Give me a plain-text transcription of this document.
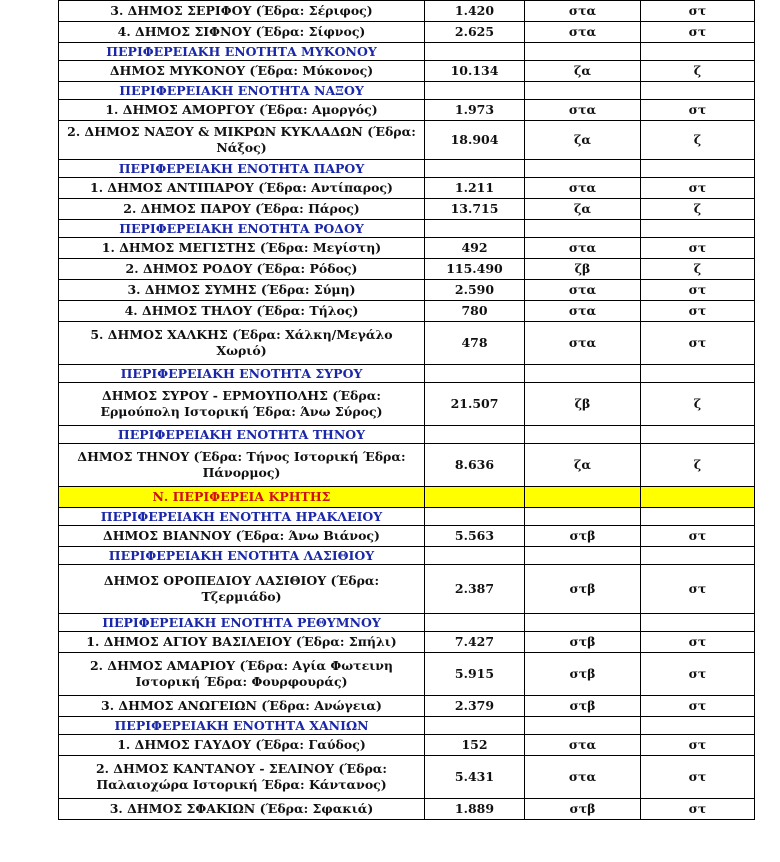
3. ΔΗΜΟΣ ΣΕΡΙΦΟΥ (Έδρα: Σέριφος)	1.420	στα	στ
4. ΔΗΜΟΣ ΣΙΦΝΟΥ (Έδρα: Σίφνος)	2.625	στα	στ
ΠΕΡΙΦΕΡΕΙΑΚΗ ΕΝΟΤΗΤΑ ΜΥΚΟΝΟΥ			
ΔΗΜΟΣ ΜΥΚΟΝΟΥ (Έδρα: Μύκονος)	10.134	ζα	ζ
ΠΕΡΙΦΕΡΕΙΑΚΗ ΕΝΟΤΗΤΑ ΝΑΞΟΥ			
1. ΔΗΜΟΣ ΑΜΟΡΓΟΥ (Έδρα: Αμοργός)	1.973	στα	στ
2. ΔΗΜΟΣ ΝΑΞΟΥ & ΜΙΚΡΩΝ ΚΥΚΛΑΔΩΝ (Έδρα: Νάξος)	18.904	ζα	ζ
ΠΕΡΙΦΕΡΕΙΑΚΗ ΕΝΟΤΗΤΑ ΠΑΡΟΥ			
1. ΔΗΜΟΣ ΑΝΤΙΠΑΡΟΥ (Έδρα: Αντίπαρος)	1.211	στα	στ
2. ΔΗΜΟΣ ΠΑΡΟΥ (Έδρα: Πάρος)	13.715	ζα	ζ
ΠΕΡΙΦΕΡΕΙΑΚΗ ΕΝΟΤΗΤΑ ΡΟΔΟΥ			
1. ΔΗΜΟΣ ΜΕΓΙΣΤΗΣ (Έδρα: Μεγίστη)	492	στα	στ
2. ΔΗΜΟΣ ΡΟΔΟΥ (Έδρα: Ρόδος)	115.490	ζβ	ζ
3. ΔΗΜΟΣ ΣΥΜΗΣ (Έδρα: Σύμη)	2.590	στα	στ
4. ΔΗΜΟΣ ΤΗΛΟΥ (Έδρα: Τήλος)	780	στα	στ
5. ΔΗΜΟΣ ΧΑΛΚΗΣ (Έδρα: Χάλκη/Μεγάλο Χωριό)	478	στα	στ
ΠΕΡΙΦΕΡΕΙΑΚΗ ΕΝΟΤΗΤΑ ΣΥΡΟΥ			
ΔΗΜΟΣ ΣΥΡΟΥ - ΕΡΜΟΥΠΟΛΗΣ (Έδρα: Ερμούπολη Ιστορική Έδρα: Άνω Σύρος)	21.507	ζβ	ζ
ΠΕΡΙΦΕΡΕΙΑΚΗ ΕΝΟΤΗΤΑ ΤΗΝΟΥ			
ΔΗΜΟΣ ΤΗΝΟΥ (Έδρα: Τήνος Ιστορική Έδρα: Πάνορμος)	8.636	ζα	ζ
Ν. ΠΕΡΙΦΕΡΕΙΑ ΚΡΗΤΗΣ			
ΠΕΡΙΦΕΡΕΙΑΚΗ ΕΝΟΤΗΤΑ ΗΡΑΚΛΕΙΟΥ			
ΔΗΜΟΣ ΒΙΑΝΝΟΥ (Έδρα: Άνω Βιάνος)	5.563	στβ	στ
ΠΕΡΙΦΕΡΕΙΑΚΗ ΕΝΟΤΗΤΑ ΛΑΣΙΘΙΟΥ			
ΔΗΜΟΣ ΟΡΟΠΕΔΙΟΥ ΛΑΣΙΘΙΟΥ (Έδρα: Τζερμιάδο)	2.387	στβ	στ
ΠΕΡΙΦΕΡΕΙΑΚΗ ΕΝΟΤΗΤΑ ΡΕΘΥΜΝΟΥ			
1. ΔΗΜΟΣ ΑΓΙΟΥ ΒΑΣΙΛΕΙΟΥ (Έδρα: Σπήλι)	7.427	στβ	στ
2. ΔΗΜΟΣ ΑΜΑΡΙΟΥ (Έδρα: Αγία Φωτεινη Ιστορική Έδρα: Φουρφουράς)	5.915	στβ	στ
3. ΔΗΜΟΣ ΑΝΩΓΕΙΩΝ (Έδρα: Ανώγεια)	2.379	στβ	στ
ΠΕΡΙΦΕΡΕΙΑΚΗ ΕΝΟΤΗΤΑ ΧΑΝΙΩΝ			
1. ΔΗΜΟΣ ΓΑΥΔΟΥ (Έδρα: Γαύδος)	152	στα	στ
2. ΔΗΜΟΣ ΚΑΝΤΑΝΟΥ - ΣΕΛΙΝΟΥ (Έδρα: Παλαιοχώρα Ιστορική Έδρα: Κάντανος)	5.431	στα	στ
3. ΔΗΜΟΣ ΣΦΑΚΙΩΝ (Έδρα: Σφακιά)	1.889	στβ	στ
